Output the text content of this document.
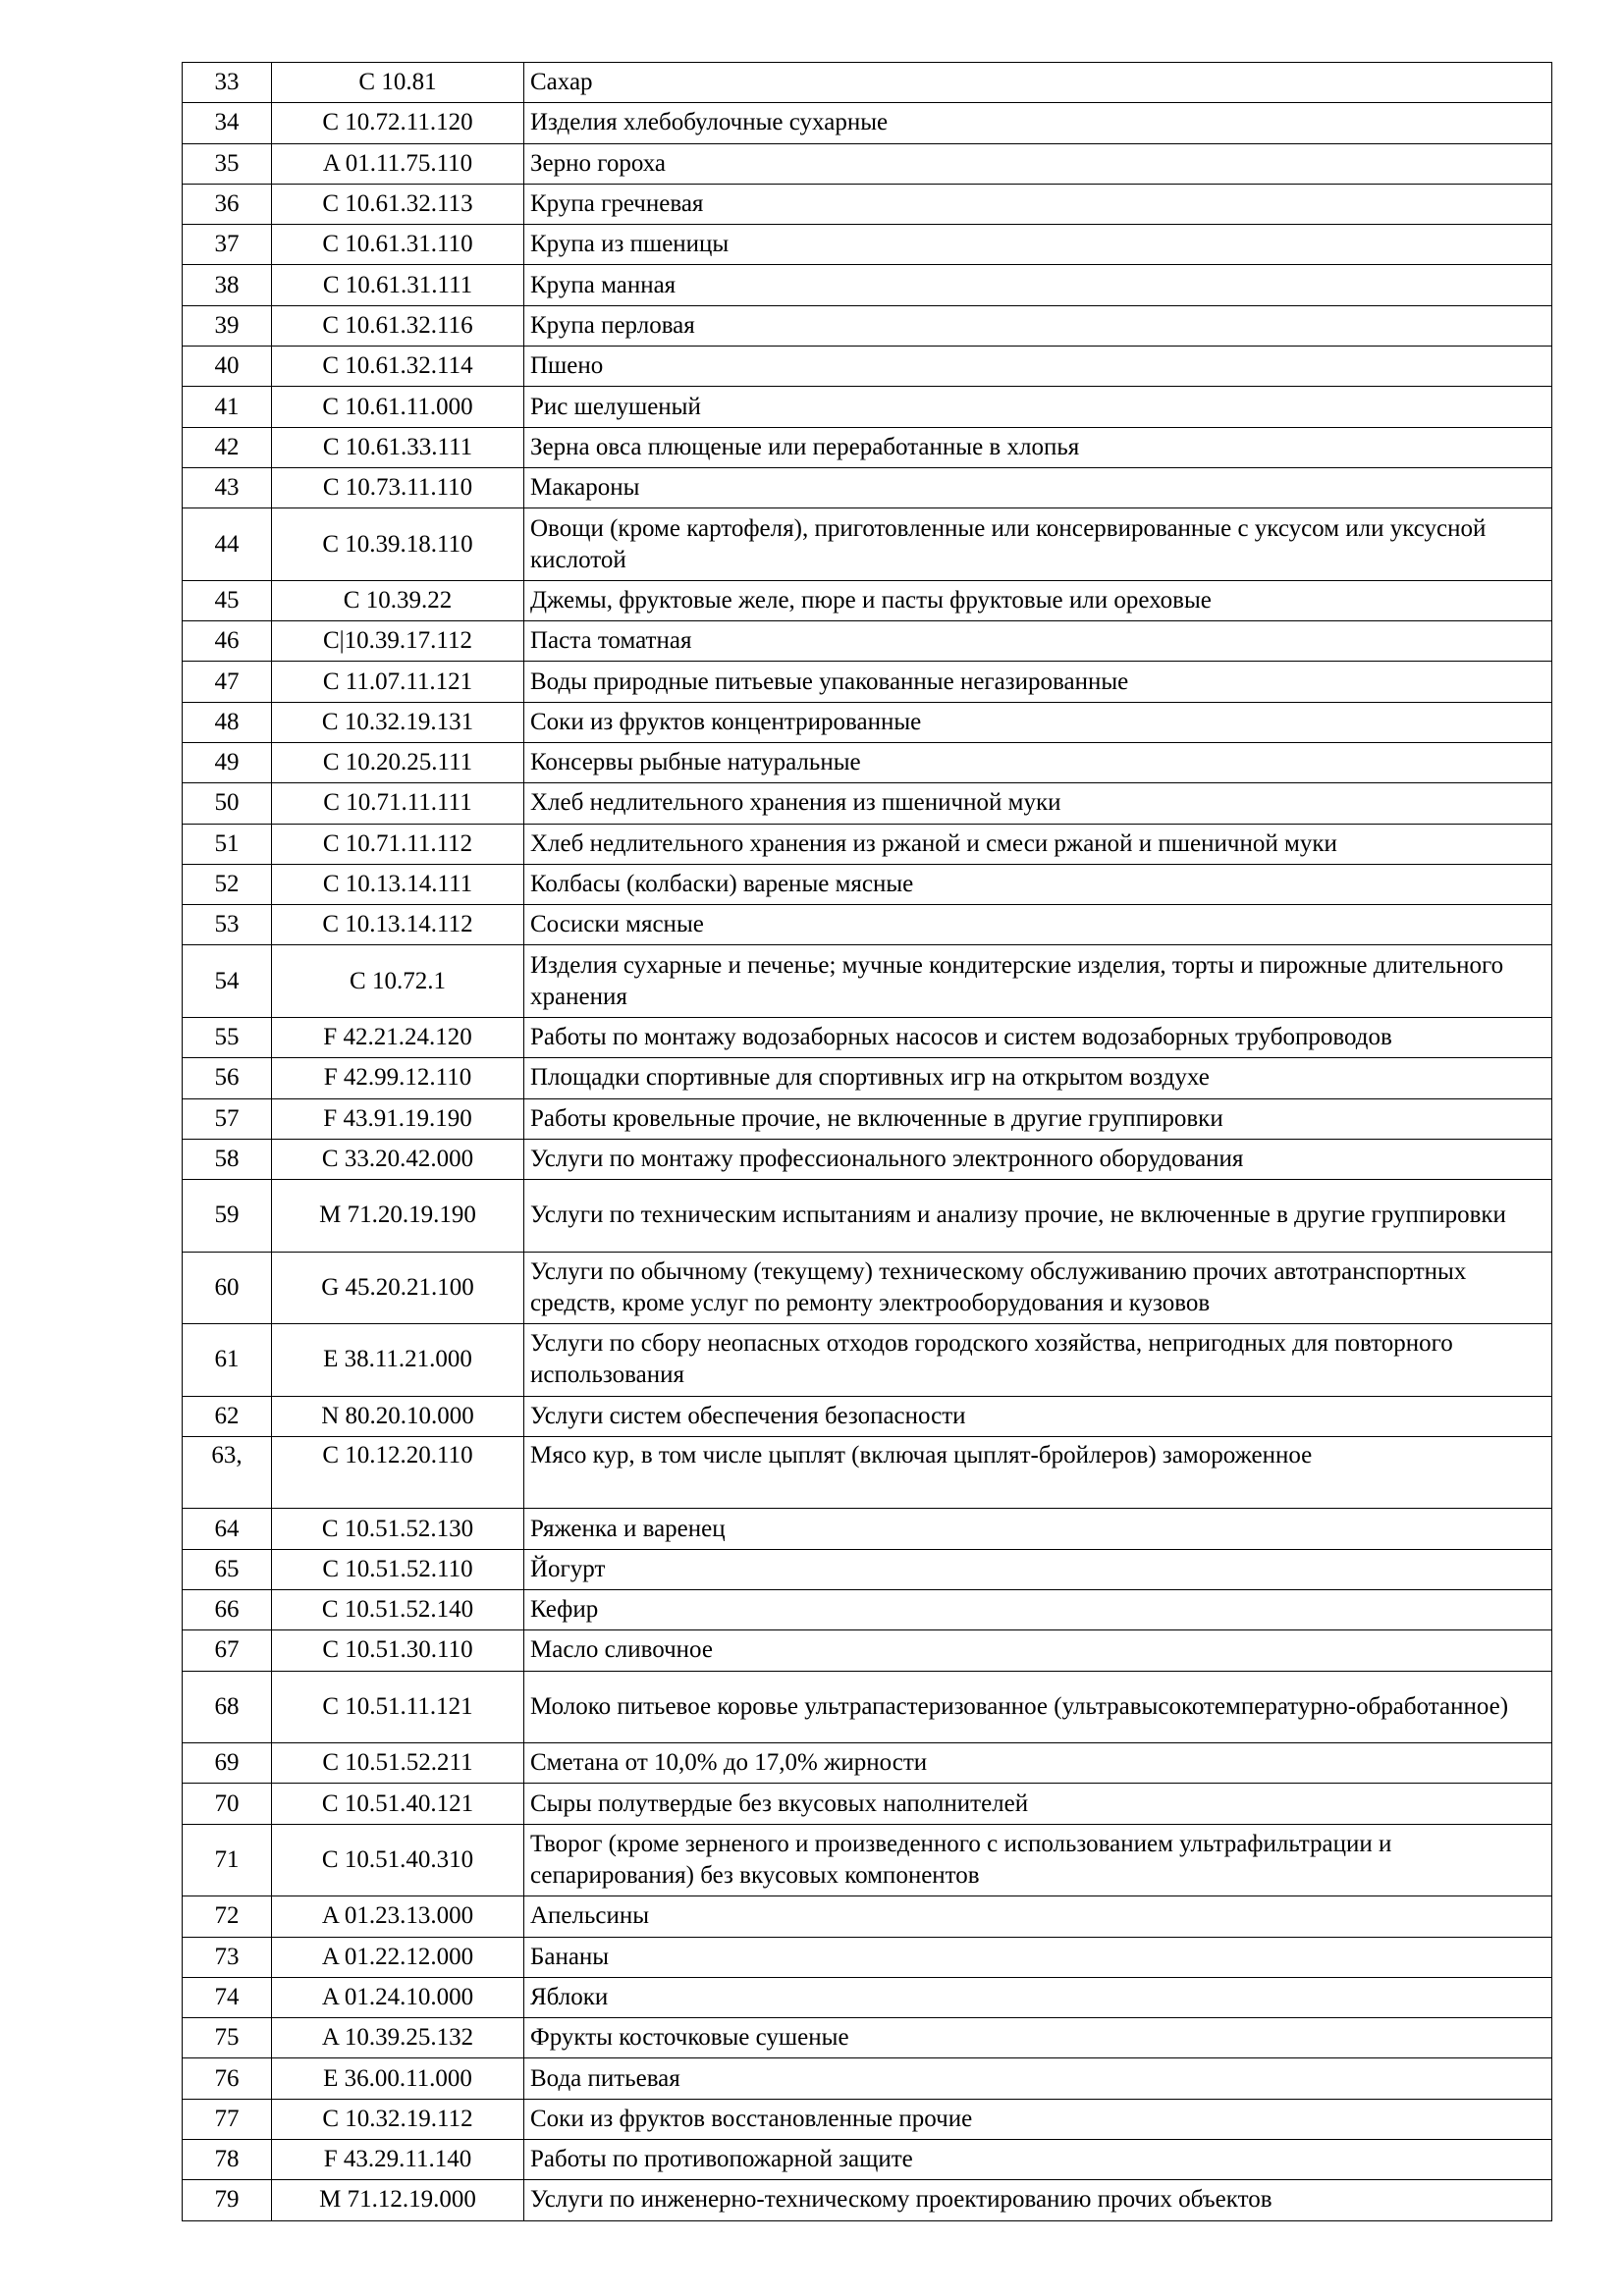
33	C 10.81	Сахар
34	C 10.72.11.120	Изделия хлебобулочные сухарные
35	A 01.11.75.110	Зерно гороха
36	C 10.61.32.113	Крупа гречневая
37	C 10.61.31.110	Крупа из пшеницы
38	C 10.61.31.111	Крупа манная
39	C 10.61.32.116	Крупа перловая
40	C 10.61.32.114	Пшено
41	C 10.61.11.000	Рис шелушеный
42	C 10.61.33.111	Зерна овса плющеные или переработанные в хлопья
43	C 10.73.11.110	Макароны
44	C 10.39.18.110	Овощи (кроме картофеля), приготовленные или консервированные с уксусом или уксусной кислотой
45	C 10.39.22	Джемы, фруктовые желе, пюре и пасты фруктовые или ореховые
46	C|10.39.17.112	Паста томатная
47	C 11.07.11.121	Воды природные питьевые упакованные негазированные
48	C 10.32.19.131	Соки из фруктов концентрированные
49	C 10.20.25.111	Консервы рыбные натуральные
50	C 10.71.11.111	Хлеб недлительного хранения из пшеничной муки
51	C 10.71.11.112	Хлеб недлительного хранения из ржаной и смеси ржаной и пшеничной муки
52	C 10.13.14.111	Колбасы (колбаски) вареные мясные
53	C 10.13.14.112	Сосиски мясные
54	C 10.72.1	Изделия сухарные и печенье; мучные кондитерские изделия, торты и пирожные длительного хранения
55	F 42.21.24.120	Работы по монтажу водозаборных насосов и систем водозаборных трубопроводов
56	F 42.99.12.110	Площадки спортивные для спортивных игр на открытом воздухе
57	F 43.91.19.190	Работы кровельные прочие, не включенные в другие группировки
58	C 33.20.42.000	Услуги по монтажу профессионального электронного оборудования
59	M 71.20.19.190	Услуги по техническим испытаниям и анализу прочие, не включенные в другие группировки
60	G 45.20.21.100	Услуги по обычному (текущему) техническому обслуживанию прочих автотранспортных средств, кроме услуг по ремонту электрооборудования и кузовов
61	E 38.11.21.000	Услуги по сбору неопасных отходов городского хозяйства, непригодных для повторного использования
62	N 80.20.10.000	Услуги систем обеспечения безопасности
63,	C 10.12.20.110	Мясо кур, в том числе цыплят (включая цыплят-бройлеров) замороженное
64	C 10.51.52.130	Ряженка и варенец
65	C 10.51.52.110	Йогурт
66	C 10.51.52.140	Кефир
67	C 10.51.30.110	Масло сливочное
68	C 10.51.11.121	Молоко питьевое коровье ультрапастеризованное (ультравысокотемпературно-обработанное)
69	C 10.51.52.211	Сметана от 10,0% до 17,0% жирности
70	C 10.51.40.121	Сыры полутвердые без вкусовых наполнителей
71	C 10.51.40.310	Творог (кроме зерненого и произведенного с использованием ультрафильтрации и сепарирования) без вкусовых компонентов
72	A 01.23.13.000	Апельсины
73	A 01.22.12.000	Бананы
74	A 01.24.10.000	Яблоки
75	A 10.39.25.132	Фрукты косточковые сушеные
76	E 36.00.11.000	Вода питьевая
77	C 10.32.19.112	Соки из фруктов восстановленные прочие
78	F 43.29.11.140	Работы по противопожарной защите
79	M 71.12.19.000	Услуги по инженерно-техническому проектированию прочих объектов
